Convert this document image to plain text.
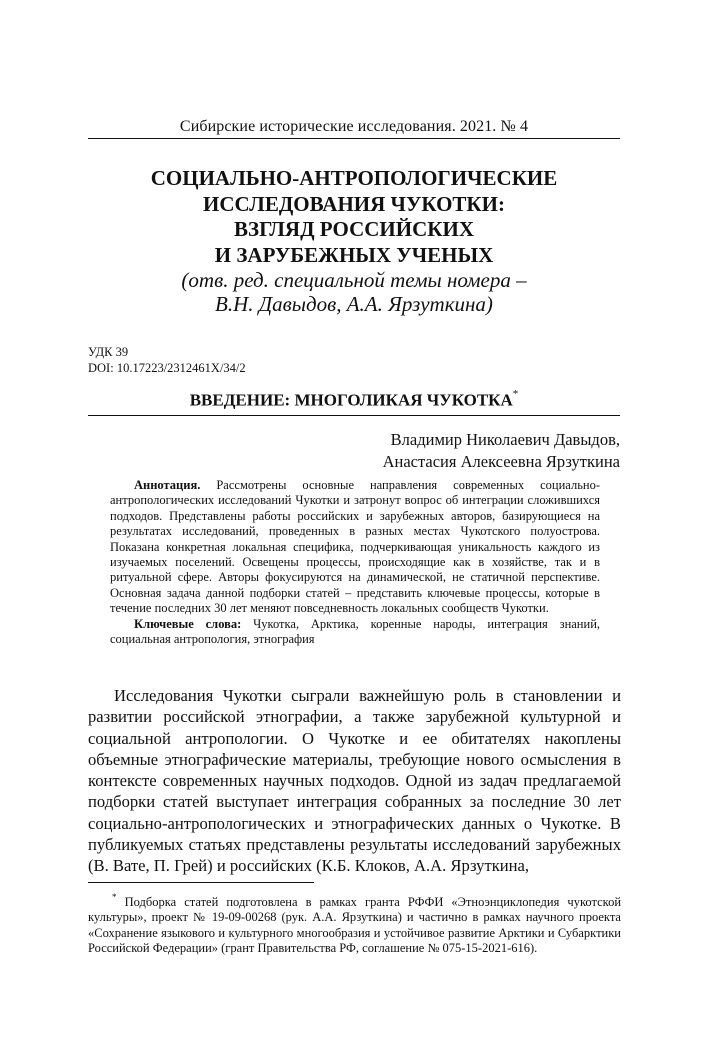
Сибирские исторические исследования. 2021. № 4
СОЦИАЛЬНО-АНТРОПОЛОГИЧЕСКИЕ
ИССЛЕДОВАНИЯ ЧУКОТКИ:
ВЗГЛЯД РОССИЙСКИХ
И ЗАРУБЕЖНЫХ УЧЕНЫХ
(отв. ред. специальной темы номера –
В.Н. Давыдов, А.А. Ярзуткина)
УДК 39
DOI: 10.17223/2312461X/34/2
ВВЕДЕНИЕ: МНОГОЛИКАЯ ЧУКОТКА*
Владимир Николаевич Давыдов,
Анастасия Алексеевна Ярзуткина

Аннотация. Рассмотрены основные направления современных социально-антропологических исследований Чукотки и затронут вопрос об интеграции сложившихся подходов. Представлены работы российских и зарубежных авторов, базирующиеся на результатах исследований, проведенных в разных местах Чукотского полуострова. Показана конкретная локальная специфика, подчеркивающая уникальность каждого из изучаемых поселений. Освещены процессы, происходящие как в хозяйстве, так и в ритуальной сфере. Авторы фокусируются на динамической, не статичной перспективе. Основная задача данной подборки статей – представить ключевые процессы, которые в течение последних 30 лет меняют повседневность локальных сообществ Чукотки.

Ключевые слова: Чукотка, Арктика, коренные народы, интеграция знаний, социальная антропология, этнография

Исследования Чукотки сыграли важнейшую роль в становлении и развитии российской этнографии, а также зарубежной культурной и социальной антропологии. О Чукотке и ее обитателях накоплены объемные этнографические материалы, требующие нового осмысления в контексте современных научных подходов. Одной из задач предлагаемой подборки статей выступает интеграция собранных за последние 30 лет социально-антропологических и этнографических данных о Чукотке. В публикуемых статьях представлены результаты исследований зарубежных (В. Вате, П. Грей) и российских (К.Б. Клоков, А.А. Ярзуткина,

* Подборка статей подготовлена в рамках гранта РФФИ «Этноэнциклопедия чукотской культуры», проект № 19-09-00268 (рук. А.А. Ярзуткина) и частично в рамках научного проекта «Сохранение языкового и культурного многообразия и устойчивое развитие Арктики и Субарктики Российской Федерации» (грант Правительства РФ, соглашение № 075-15-2021-616).
